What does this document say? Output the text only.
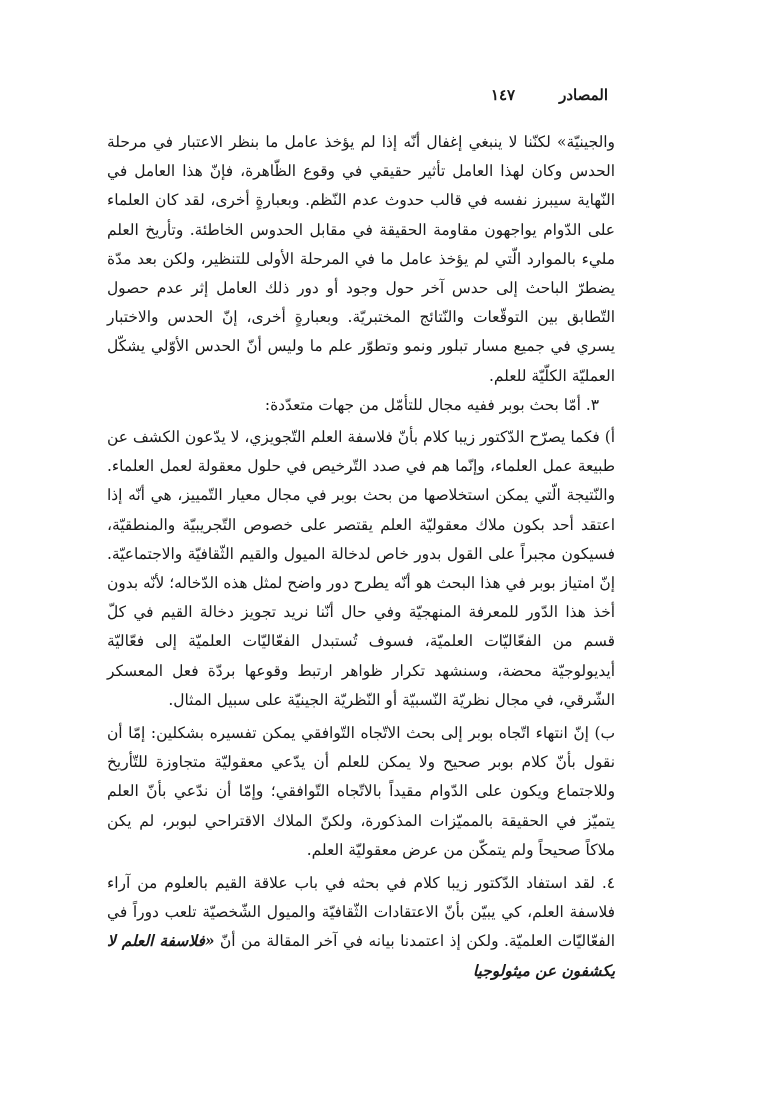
المصادر
١٤٧

والجينيّة» لكنّنا لا ينبغي إغفال أنّه إذا لم يؤخذ عامل ما بنظر الاعتبار في مرحلة الحدس وكان لهذا العامل تأثير حقيقي في وقوع الظّاهرة، فإنّ هذا العامل في النّهاية سيبرز نفسه في قالب حدوث عدم النّظم. وبعبارةٍ أخرى، لقد كان العلماء على الدّوام يواجهون مقاومة الحقيقة في مقابل الحدوس الخاطئة. وتأريخ العلم مليء بالموارد الّتي لم يؤخذ عامل ما في المرحلة الأولى للتنظير، ولكن بعد مدّة يضطرّ الباحث إلى حدس آخر حول وجود أو دور ذلك العامل إثر عدم حصول التّطابق بين التوقّعات والنّتائج المختبريّة. وبعبارةٍ أخرى، إنّ الحدس والاختبار يسري في جميع مسار تبلور ونمو وتطوّر علم ما وليس أنّ الحدس الأوّلي يشكّل العمليّة الكلّيّة للعلم.

٣. أمّا بحث بوبر ففيه مجال للتأمّل من جهات متعدّدة:

أ) فكما يصرّح الدّكتور زيبا كلام بأنّ فلاسفة العلم التّجويزي، لا يدّعون الكشف عن طبيعة عمل العلماء، وإنّما هم في صدد التّرخيص في حلول معقولة لعمل العلماء. والنّتيجة الّتي يمكن استخلاصها من بحث بوبر في مجال معيار التّمييز، هي أنّه إذا اعتقد أحد بكون ملاك معقوليّة العلم يقتصر على خصوص التّجريبيّة والمنطقيّة، فسيكون مجبراً على القول بدور خاص لدخالة الميول والقيم الثّقافيّة والاجتماعيّة. إنّ امتياز بوبر في هذا البحث هو أنّه يطرح دور واضح لمثل هذه الدّخاله؛ لأنّه بدون أخذ هذا الدّور للمعرفة المنهجيّة وفي حال أنّنا نريد تجويز دخالة القيم في كلّ قسم من الفعّاليّات العلميّة، فسوف تُستبدل الفعّاليّات العلميّة إلى فعّاليّة أيديولوجيّة محضة، وسنشهد تكرار ظواهر ارتبط وقوعها بردّة فعل المعسكر الشّرقي، في مجال نظريّة النّسبيّة أو النّظريّة الجينيّة على سبيل المثال.

ب) إنّ انتهاء اتّجاه بوبر إلى بحث الاتّجاه التّوافقي يمكن تفسيره بشكلين: إمّا أن نقول بأنّ كلام بوبر صحيح ولا يمكن للعلم أن يدّعي معقوليّة متجاوزة للتّأريخ وللاجتماع ويكون على الدّوام مقيداً بالاتّجاه التّوافقي؛ وإمّا أن ندّعي بأنّ العلم يتميّز في الحقيقة بالمميّزات المذكورة، ولكنّ الملاك الاقتراحي لبوبر، لم يكن ملاكاً صحيحاً ولم يتمكّن من عرض معقوليّة العلم.

٤. لقد استفاد الدّكتور زيبا كلام في بحثه في باب علاقة القيم بالعلوم من آراء فلاسفة العلم، كي يبيّن بأنّ الاعتقادات الثّقافيّة والميول الشّخصيّة تلعب دوراً في الفعّاليّات العلميّة. ولكن إذ اعتمدنا بيانه في آخر المقالة من أنّ «فلاسفة العلم لا يكشفون عن ميثولوجيا
